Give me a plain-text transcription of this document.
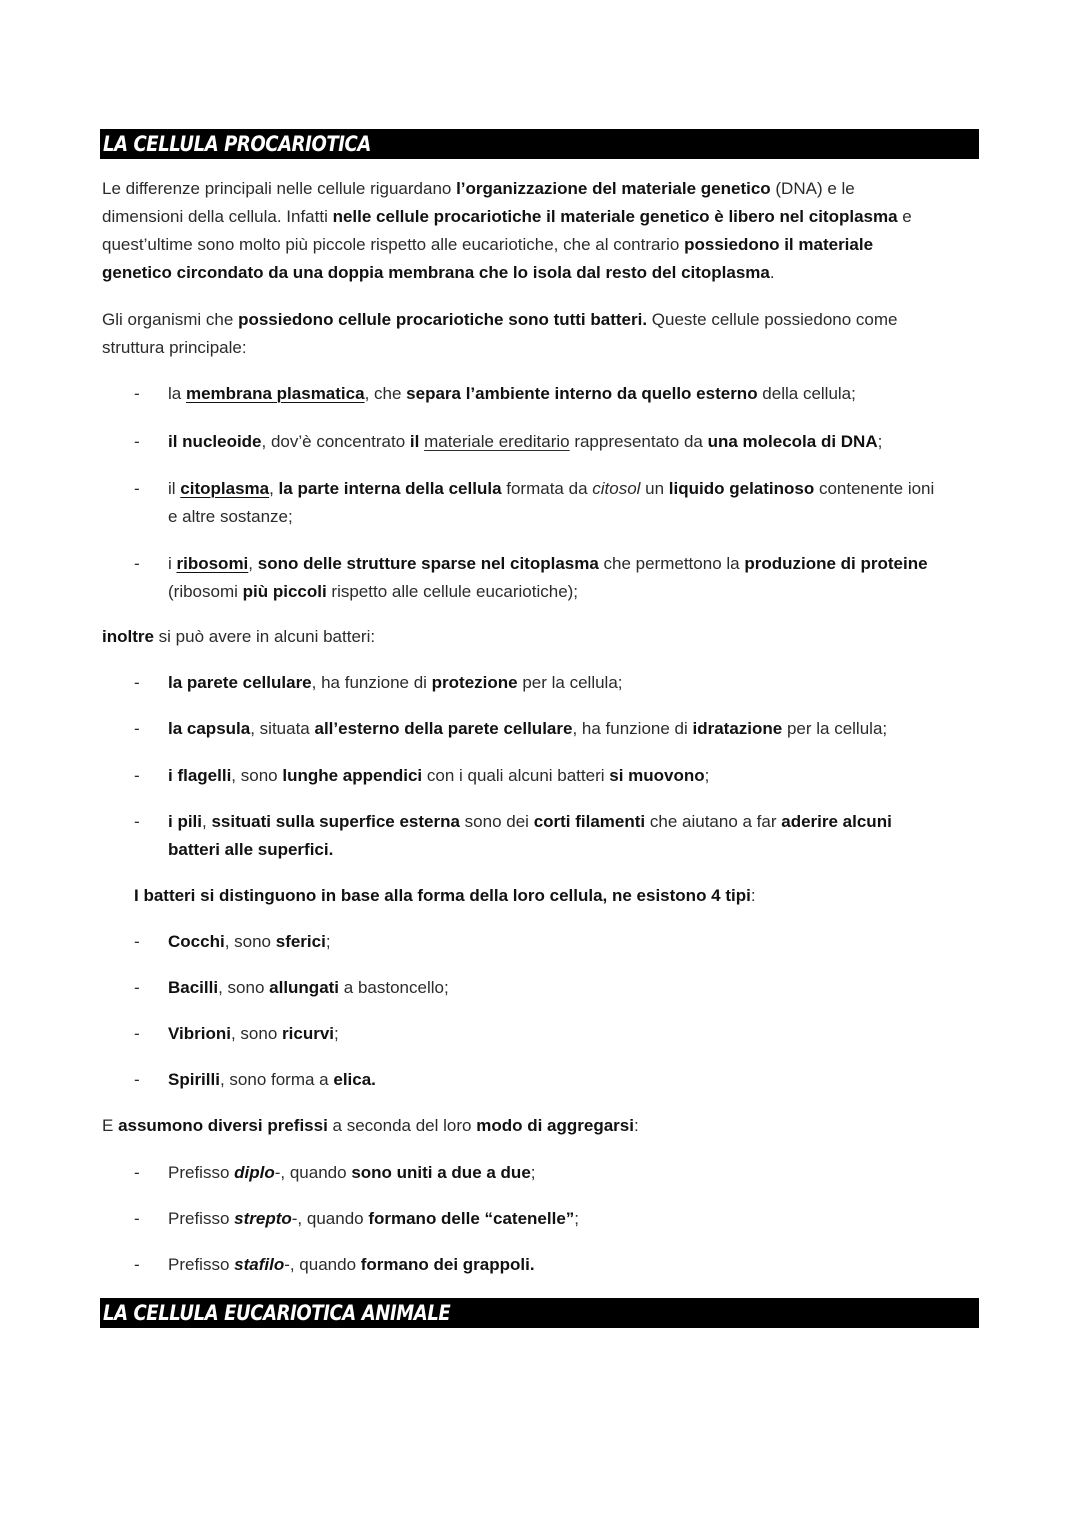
LA CELLULA PROCARIOTICA

Le differenze principali nelle cellule riguardano l’organizzazione del materiale genetico (DNA) e le

dimensioni della cellula. Infatti nelle cellule procariotiche il materiale genetico è libero nel citoplasma e

quest’ultime sono molto più piccole rispetto alle eucariotiche, che al contrario possiedono il materiale

genetico circondato da una doppia membrana che lo isola dal resto del citoplasma.

Gli organismi che possiedono cellule procariotiche sono tutti batteri. Queste cellule possiedono come

struttura principale:

- la membrana plasmatica, che separa l’ambiente interno da quello esterno della cellula;
- il nucleoide, dov’è concentrato il materiale ereditario rappresentato da una molecola di DNA;
- il citoplasma, la parte interna della cellula formata da citosol un liquido gelatinoso contenente ioni
e altre sostanze;
- i ribosomi, sono delle strutture sparse nel citoplasma che permettono la produzione di proteine
(ribosomi più piccoli rispetto alle cellule eucariotiche);

inoltre si può avere in alcuni batteri:

- la parete cellulare, ha funzione di protezione per la cellula;
- la capsula, situata all’esterno della parete cellulare, ha funzione di idratazione per la cellula;
- i flagelli, sono lunghe appendici con i quali alcuni batteri si muovono;
- i pili, ssituati sulla superfice esterna sono dei corti filamenti che aiutano a far aderire alcuni
batteri alle superfici.

I batteri si distinguono in base alla forma della loro cellula, ne esistono 4 tipi:

- Cocchi, sono sferici;
- Bacilli, sono allungati a bastoncello;
- Vibrioni, sono ricurvi;
- Spirilli, sono forma a elica.

E assumono diversi prefissi a seconda del loro modo di aggregarsi:

- Prefisso diplo-, quando sono uniti a due a due;
- Prefisso strepto-, quando formano delle “catenelle”;
- Prefisso stafilo-, quando formano dei grappoli.
LA CELLULA EUCARIOTICA ANIMALE
